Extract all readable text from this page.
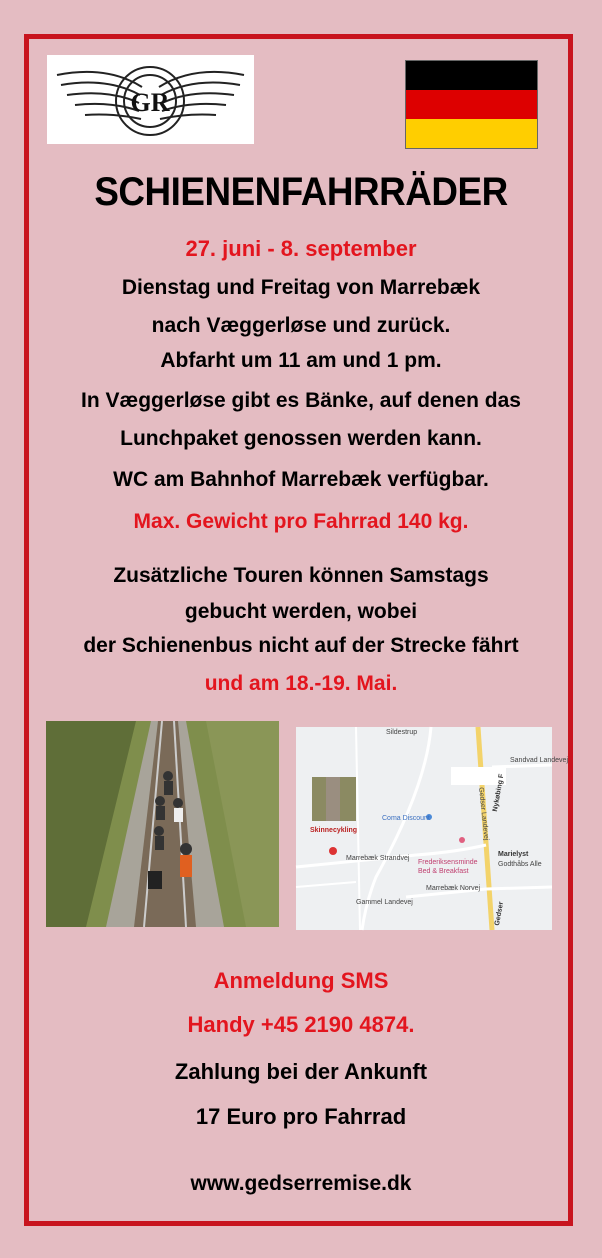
GR
SCHIENENFAHRRÄDER
27. juni - 8. september
Dienstag und Freitag von Marrebæk
nach Væggerløse und zurück.
Abfarht um 11 am und 1 pm.
In Væggerløse gibt es Bänke, auf denen das
Lunchpaket genossen werden kann.
WC am Bahnhof Marrebæk verfügbar.
Max. Gewicht pro Fahrrad 140 kg.
Zusätzliche Touren können Samstags
gebucht werden, wobei
der Schienenbus nicht auf der Strecke fährt
und am 18.-19. Mai.
Skinnecykling
Coma Discount
Frederiksensminde
Bed & Breakfast
Marielyst
Godthåbs Alle
Nykøbing F
Gedser
Marrebæk Strandvej
Marrebæk Norvej
Gammel Landevej
Sildestrup
Gedser Landevej
Sandvad Landevej
Anmeldung SMS
Handy +45 2190 4874.
Zahlung bei der Ankunft
17 Euro pro Fahrrad
www.gedserremise.dk
